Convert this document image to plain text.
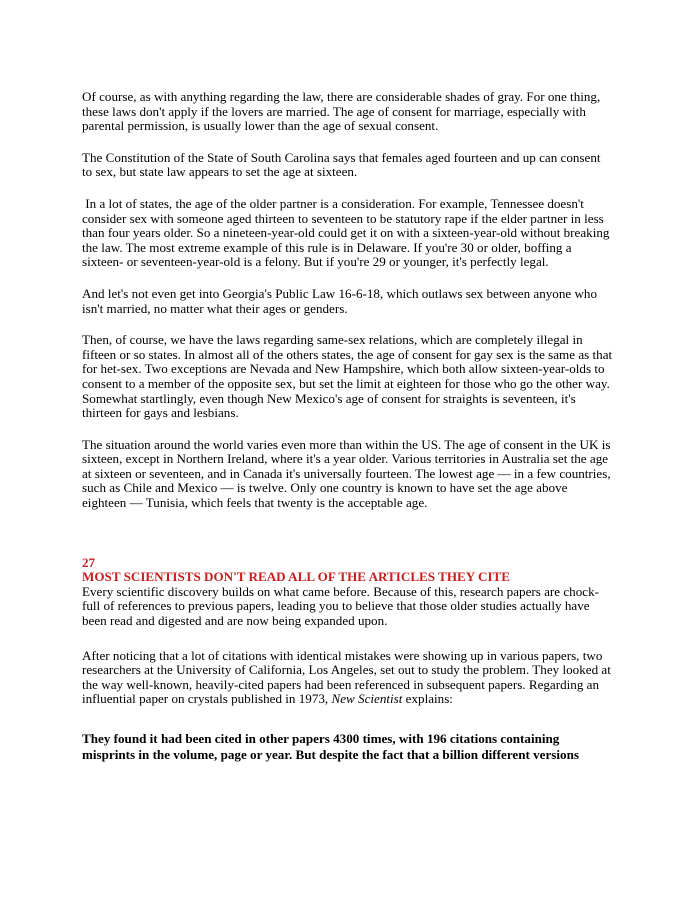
Of course, as with anything regarding the law, there are considerable shades of gray. For one thing, these laws don't apply if the lovers are married. The age of consent for marriage, especially with parental permission, is usually lower than the age of sexual consent.

The Constitution of the State of South Carolina says that females aged fourteen and up can consent to sex, but state law appears to set the age at sixteen.

In a lot of states, the age of the older partner is a consideration. For example, Tennessee doesn't consider sex with someone aged thirteen to seventeen to be statutory rape if the elder partner in less than four years older. So a nineteen-year-old could get it on with a sixteen-year-old without breaking the law. The most extreme example of this rule is in Delaware. If you're 30 or older, boffing a sixteen- or seventeen-year-old is a felony. But if you're 29 or younger, it's perfectly legal.

And let's not even get into Georgia's Public Law 16-6-18, which outlaws sex between anyone who isn't married, no matter what their ages or genders.

Then, of course, we have the laws regarding same-sex relations, which are completely illegal in fifteen or so states. In almost all of the others states, the age of consent for gay sex is the same as that for het-sex. Two exceptions are Nevada and New Hampshire, which both allow sixteen-year-olds to consent to a member of the opposite sex, but set the limit at eighteen for those who go the other way. Somewhat startlingly, even though New Mexico's age of consent for straights is seventeen, it's thirteen for gays and lesbians.

The situation around the world varies even more than within the US. The age of consent in the UK is sixteen, except in Northern Ireland, where it's a year older. Various territories in Australia set the age at sixteen or seventeen, and in Canada it's universally fourteen. The lowest age — in a few countries, such as Chile and Mexico — is twelve. Only one country is known to have set the age above eighteen — Tunisia, which feels that twenty is the acceptable age.

27

MOST SCIENTISTS DON'T READ ALL OF THE ARTICLES THEY CITE

Every scientific discovery builds on what came before. Because of this, research papers are chock-full of references to previous papers, leading you to believe that those older studies actually have been read and digested and are now being expanded upon.

After noticing that a lot of citations with identical mistakes were showing up in various papers, two researchers at the University of California, Los Angeles, set out to study the problem. They looked at the way well-known, heavily-cited papers had been referenced in subsequent papers. Regarding an influential paper on crystals published in 1973, New Scientist explains:

They found it had been cited in other papers 4300 times, with 196 citations containing misprints in the volume, page or year. But despite the fact that a billion different versions
